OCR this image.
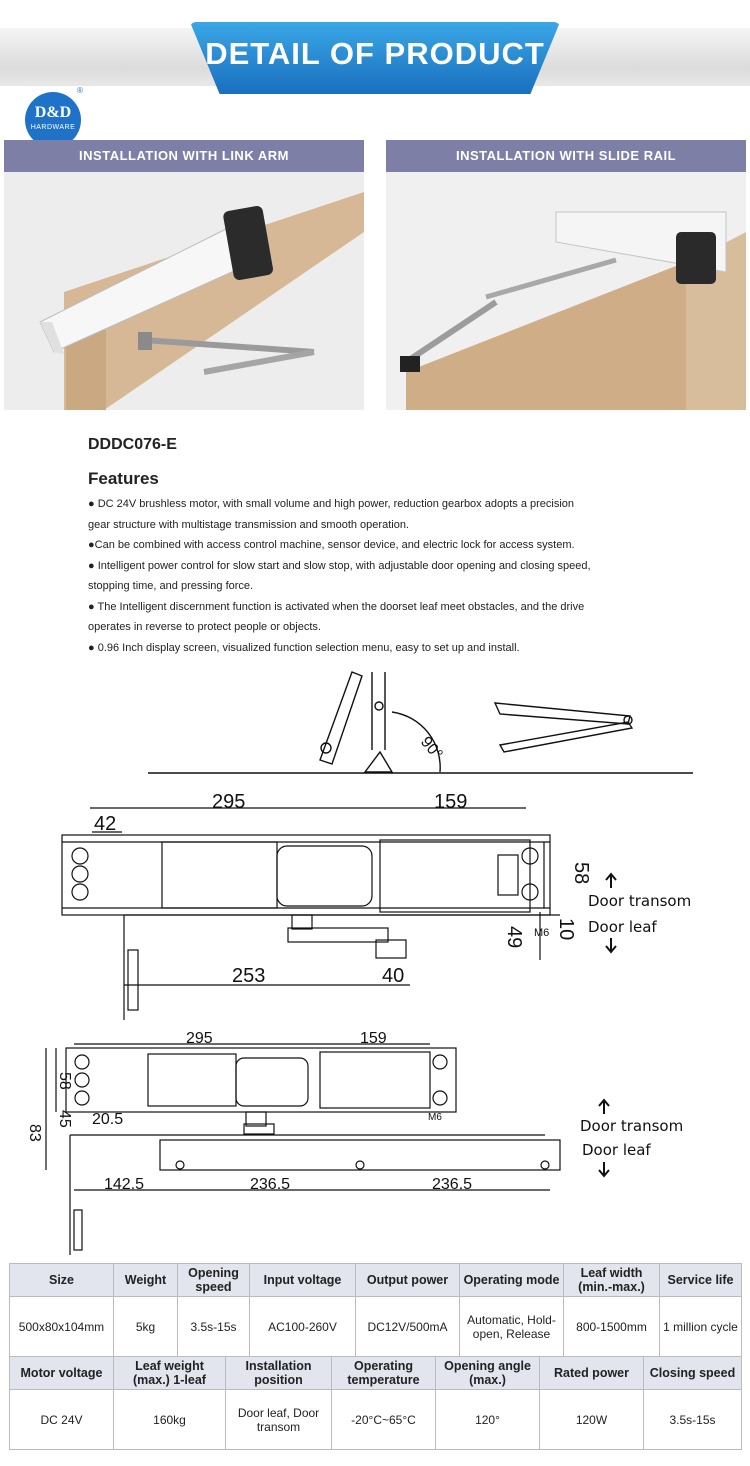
DETAIL OF PRODUCT
D&D
HARDWARE
®
INSTALLATION WITH LINK ARM	INSTALLATION WITH SLIDE RAIL
DDDC076-E
Features
● DC 24V brushless motor, with small volume and high power, reduction gearbox adopts a precision
gear structure with multistage transmission and smooth operation.
●Can be combined with access control machine, sensor device, and electric lock for access system.
● Intelligent power control for slow start and slow stop, with adjustable door opening and closing speed,
stopping time, and pressing force.
● The Intelligent discernment function is activated when the doorset leaf meet obstacles, and the drive
operates in reverse to protect people or objects.
● 0.96 Inch display screen, visualized function selection menu, easy to set up and install.
90°
295	159
42
58
49 10
253	40
M6
Door transom
Door leaf
295	159
58
45
83
20.5
142.5	236.5	236.5
M6	Door transom
Door leaf
Size	Weight	Opening speed	Input voltage	Output power	Operating mode	Leaf width (min.-max.)	Service life
500x80x104mm	5kg	3.5s-15s	AC100-260V	DC12V/500mA	Automatic, Hold-open, Release	800-1500mm	1 million cycle
Motor voltage	Leaf weight (max.) 1-leaf	Installation position	Operating temperature	Opening angle (max.)	Rated power	Closing speed
DC 24V	160kg	Door leaf, Door transom	-20°C~65°C	120°	120W	3.5s-15s
